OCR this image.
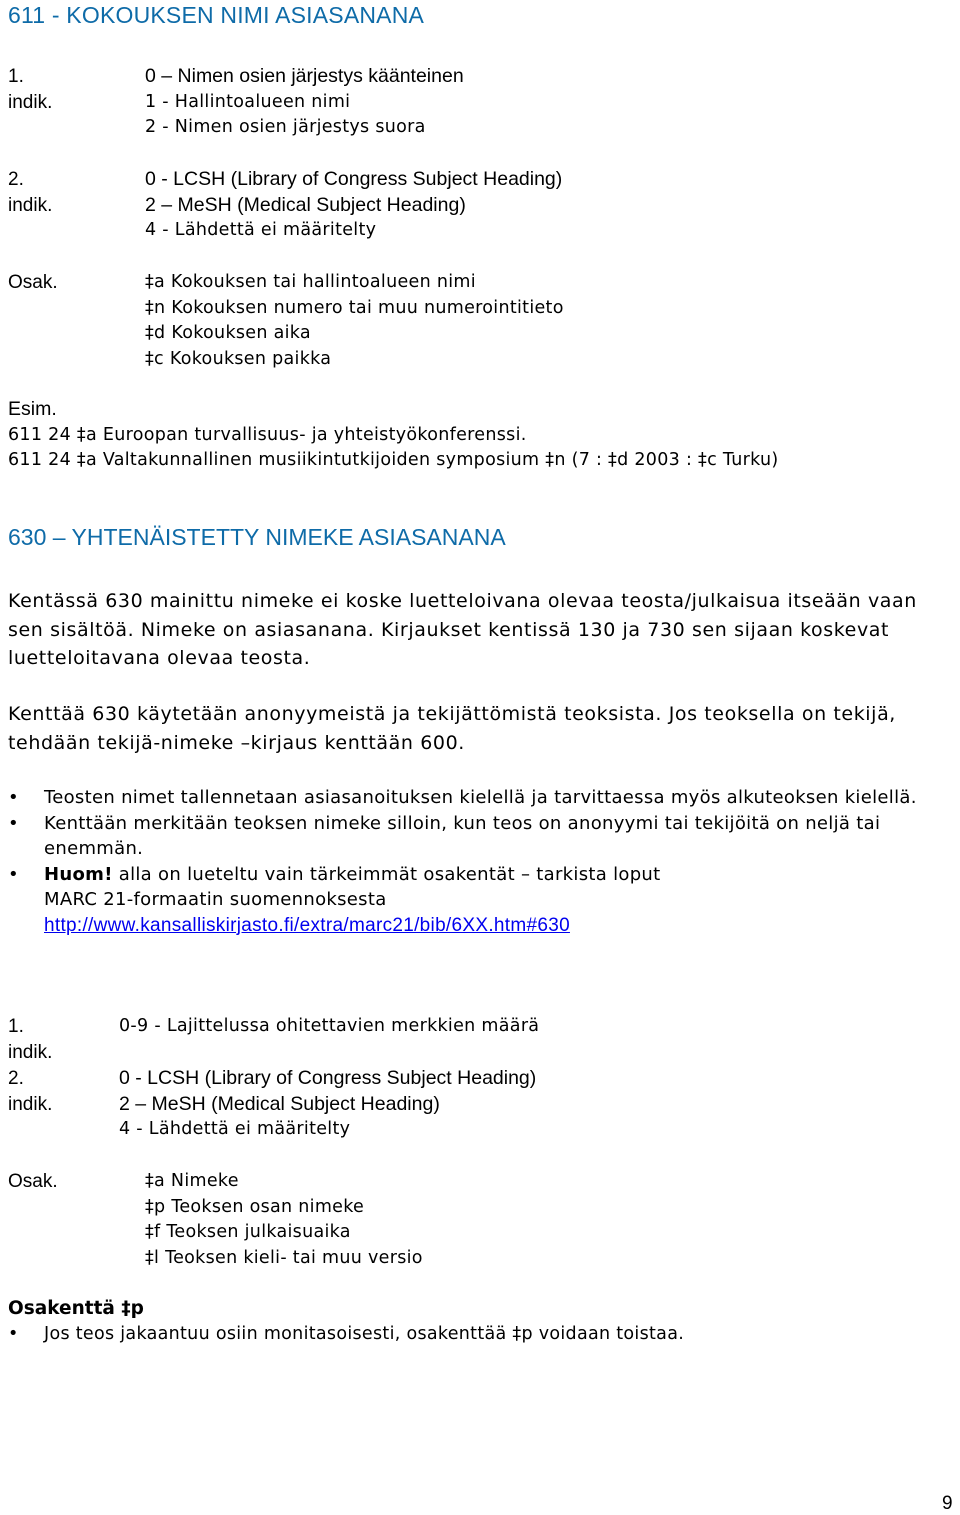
611 - KOKOUKSEN NIMI ASIASANANA
1. indik.
0 – Nimen osien järjestys käänteinen
1 - Hallintoalueen nimi
2 - Nimen osien järjestys suora
2. indik.
0 - LCSH (Library of Congress Subject Heading)
2 – MeSH (Medical Subject Heading)
4 - Lähdettä ei määritelty
Osak.	‡a Kokouksen tai hallintoalueen nimi
‡n Kokouksen numero tai muu numerointitieto
‡d Kokouksen aika
‡c Kokouksen paikka
Esim.
611 24 ‡a Euroopan turvallisuus- ja yhteistyökonferenssi.
611 24 ‡a Valtakunnallinen musiikintutkijoiden symposium ‡n (7 : ‡d 2003 : ‡c Turku)
630 – YHTENÄISTETTY NIMEKE ASIASANANA
Kentässä 630 mainittu nimeke ei koske luetteloivana olevaa teosta/julkaisua itseään vaan sen sisältöä. Nimeke on asiasanana. Kirjaukset kentissä 130 ja 730 sen sijaan koskevat luetteloitavana olevaa teosta.
Kenttää 630 käytetään anonyymeistä ja tekijättömistä teoksista. Jos teoksella on tekijä, tehdään tekijä-nimeke –kirjaus kenttään 600.
• Teosten nimet tallennetaan asiasanoituksen kielellä ja tarvittaessa myös alkuteoksen kielellä.
• Kenttään merkitään teoksen nimeke silloin, kun teos on anonyymi tai tekijöitä on neljä tai enemmän.
• Huom! alla on lueteltu vain tärkeimmät osakentät – tarkista loput
MARC 21-formaatin suomennoksesta
http://www.kansalliskirjasto.fi/extra/marc21/bib/6XX.htm#630
1. indik.
0-9 - Lajittelussa ohitettavien merkkien määrä
2. indik.
0 - LCSH (Library of Congress Subject Heading)
2 – MeSH (Medical Subject Heading)
4 - Lähdettä ei määritelty
Osak.	‡a Nimeke
‡p Teoksen osan nimeke
‡f Teoksen julkaisuaika
‡l Teoksen kieli- tai muu versio
Osakenttä ‡p
• Jos teos jakaantuu osiin monitasoisesti, osakenttää ‡p voidaan toistaa.
9
